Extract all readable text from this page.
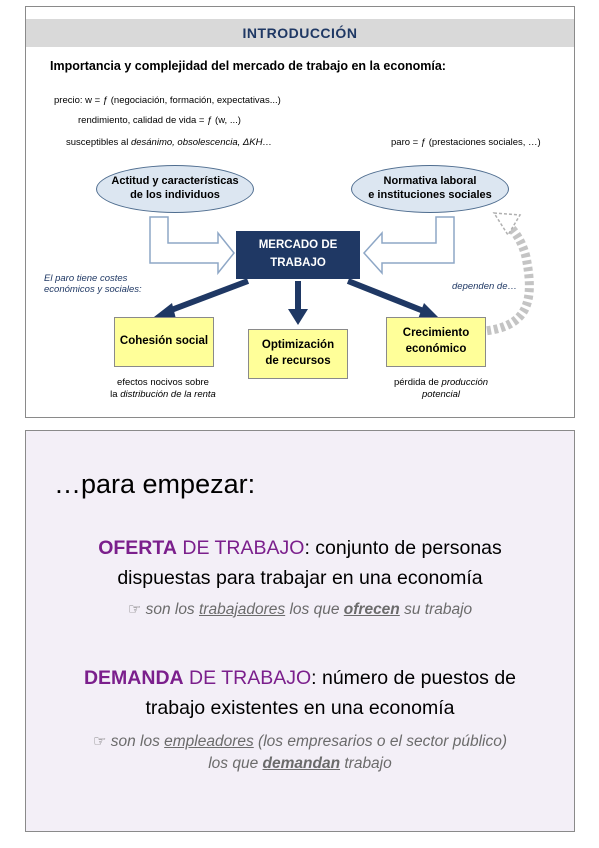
INTRODUCCIÓN
Importancia y complejidad del mercado de trabajo en la economía:
precio: w = ƒ (negociación, formación, expectativas...)
rendimiento, calidad de vida = ƒ (w, ...)
susceptibles al desánimo, obsolescencia, ΔKH…	paro = ƒ (prestaciones sociales, …)
Actitud y características
de los individuos
Normativa laboral
e instituciones sociales
MERCADO DE
TRABAJO
El paro tiene costes
económicos y sociales:	dependen de…
Cohesión social	Optimización
de recursos
Crecimiento
económico
efectos nocivos sobre
la distribución de la renta
pérdida de producción
potencial
…para empezar:
OFERTA DE TRABAJO: conjunto de personas
dispuestas para trabajar en una economía
☞ son los trabajadores los que ofrecen su trabajo
DEMANDA DE TRABAJO: número de puestos de
trabajo existentes en una economía
☞ son los empleadores (los empresarios o el sector público)
los que demandan trabajo
